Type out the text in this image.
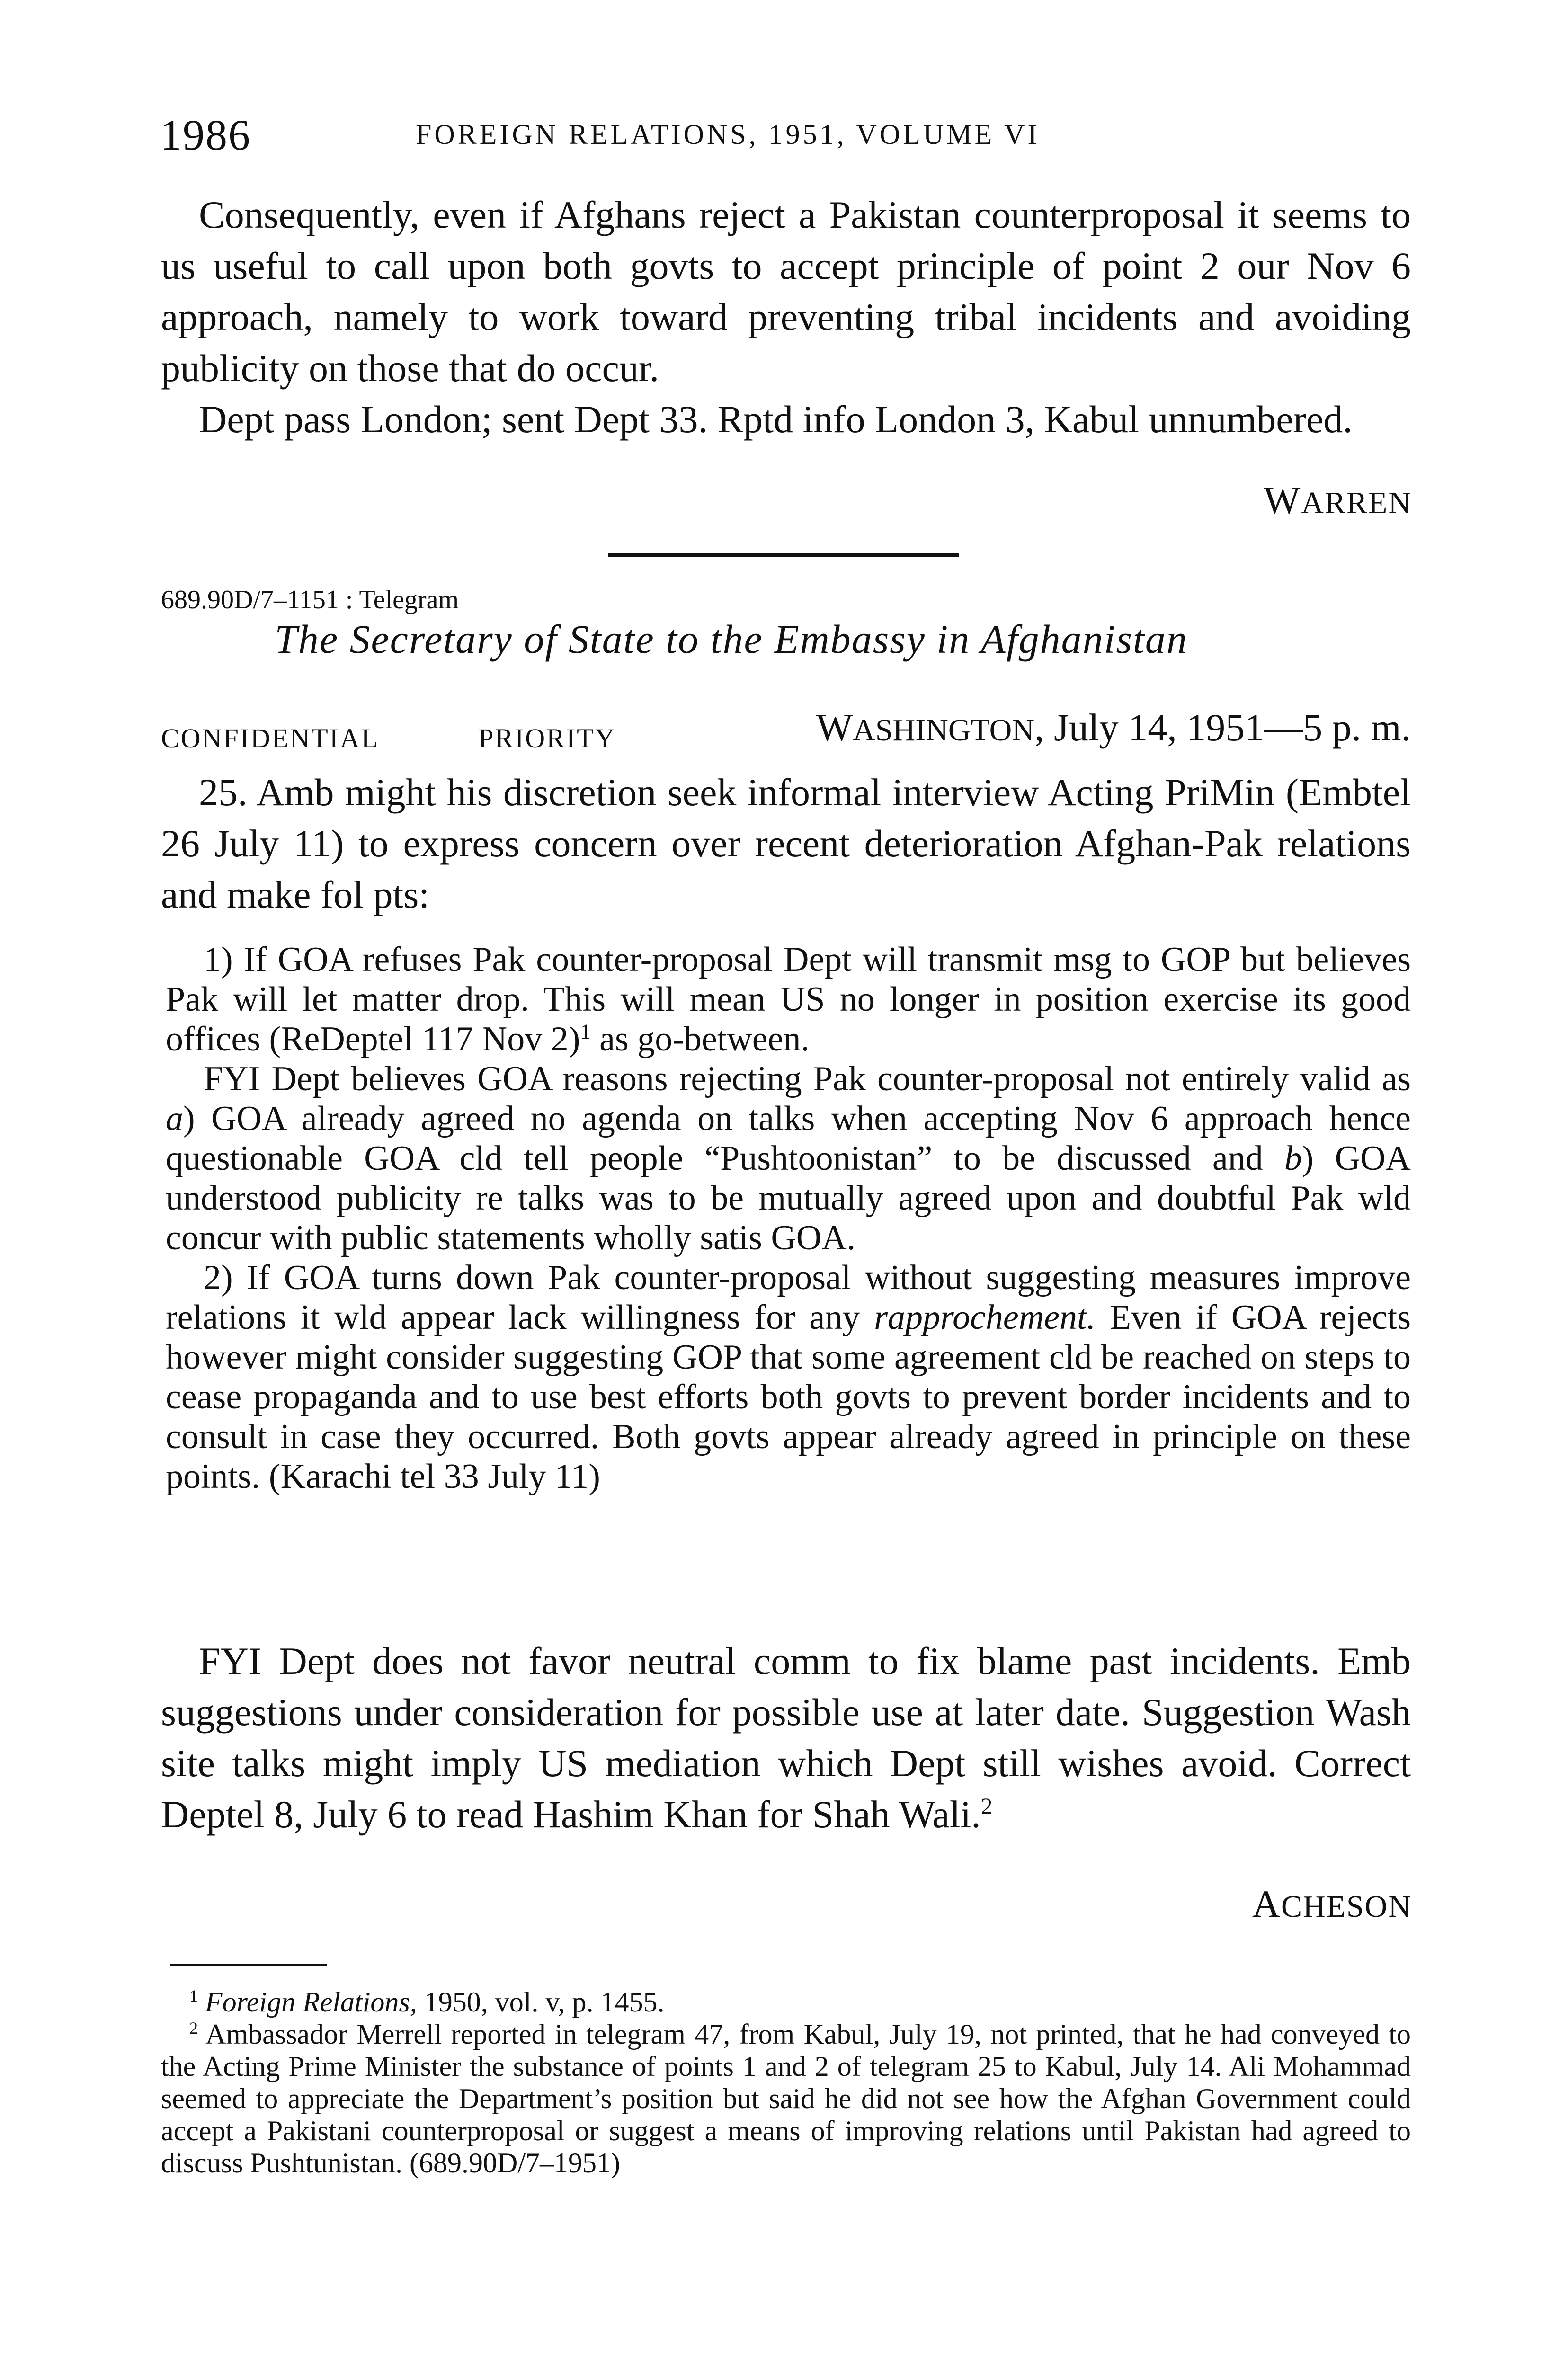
1986	FOREIGN RELATIONS, 1951, VOLUME VI

Consequently, even if Afghans reject a Pakistan counterproposal it seems to us useful to call upon both govts to accept principle of point 2 our Nov 6 approach, namely to work toward preventing tribal incidents and avoiding publicity on those that do occur.

Dept pass London; sent Dept 33. Rptd info London 3, Kabul unnumbered.

WARREN
689.90D/7–1151 : Telegram
The Secretary of State to the Embassy in Afghanistan
CONFIDENTIAL	PRIORITY	WASHINGTON, July 14, 1951—5 p. m.

25. Amb might his discretion seek informal interview Acting PriMin (Embtel 26 July 11) to express concern over recent deterioration Afghan-Pak relations and make fol pts:

1) If GOA refuses Pak counter-proposal Dept will transmit msg to GOP but believes Pak will let matter drop. This will mean US no longer in position exercise its good offices (ReDeptel 117 Nov 2)$^1$ as go-between.

FYI Dept believes GOA reasons rejecting Pak counter-proposal not entirely valid as a) GOA already agreed no agenda on talks when accepting Nov 6 approach hence questionable GOA cld tell people “Pushtoonistan” to be discussed and b) GOA understood publicity re talks was to be mutually agreed upon and doubtful Pak wld concur with public statements wholly satis GOA.

2) If GOA turns down Pak counter-proposal without suggesting measures improve relations it wld appear lack willingness for any rapprochement. Even if GOA rejects however might consider suggesting GOP that some agreement cld be reached on steps to cease propaganda and to use best efforts both govts to prevent border incidents and to consult in case they occurred. Both govts appear already agreed in principle on these points. (Karachi tel 33 July 11)

FYI Dept does not favor neutral comm to fix blame past incidents. Emb suggestions under consideration for possible use at later date. Suggestion Wash site talks might imply US mediation which Dept still wishes avoid. Correct Deptel 8, July 6 to read Hashim Khan for Shah Wali.$^2$

ACHESON

$^1$ Foreign Relations, 1950, vol. v, p. 1455.

$^2$ Ambassador Merrell reported in telegram 47, from Kabul, July 19, not printed, that he had conveyed to the Acting Prime Minister the substance of points 1 and 2 of telegram 25 to Kabul, July 14. Ali Mohammad seemed to appreciate the Department’s position but said he did not see how the Afghan Government could accept a Pakistani counterproposal or suggest a means of improving relations until Pakistan had agreed to discuss Pushtunistan. (689.90D/7–1951)
